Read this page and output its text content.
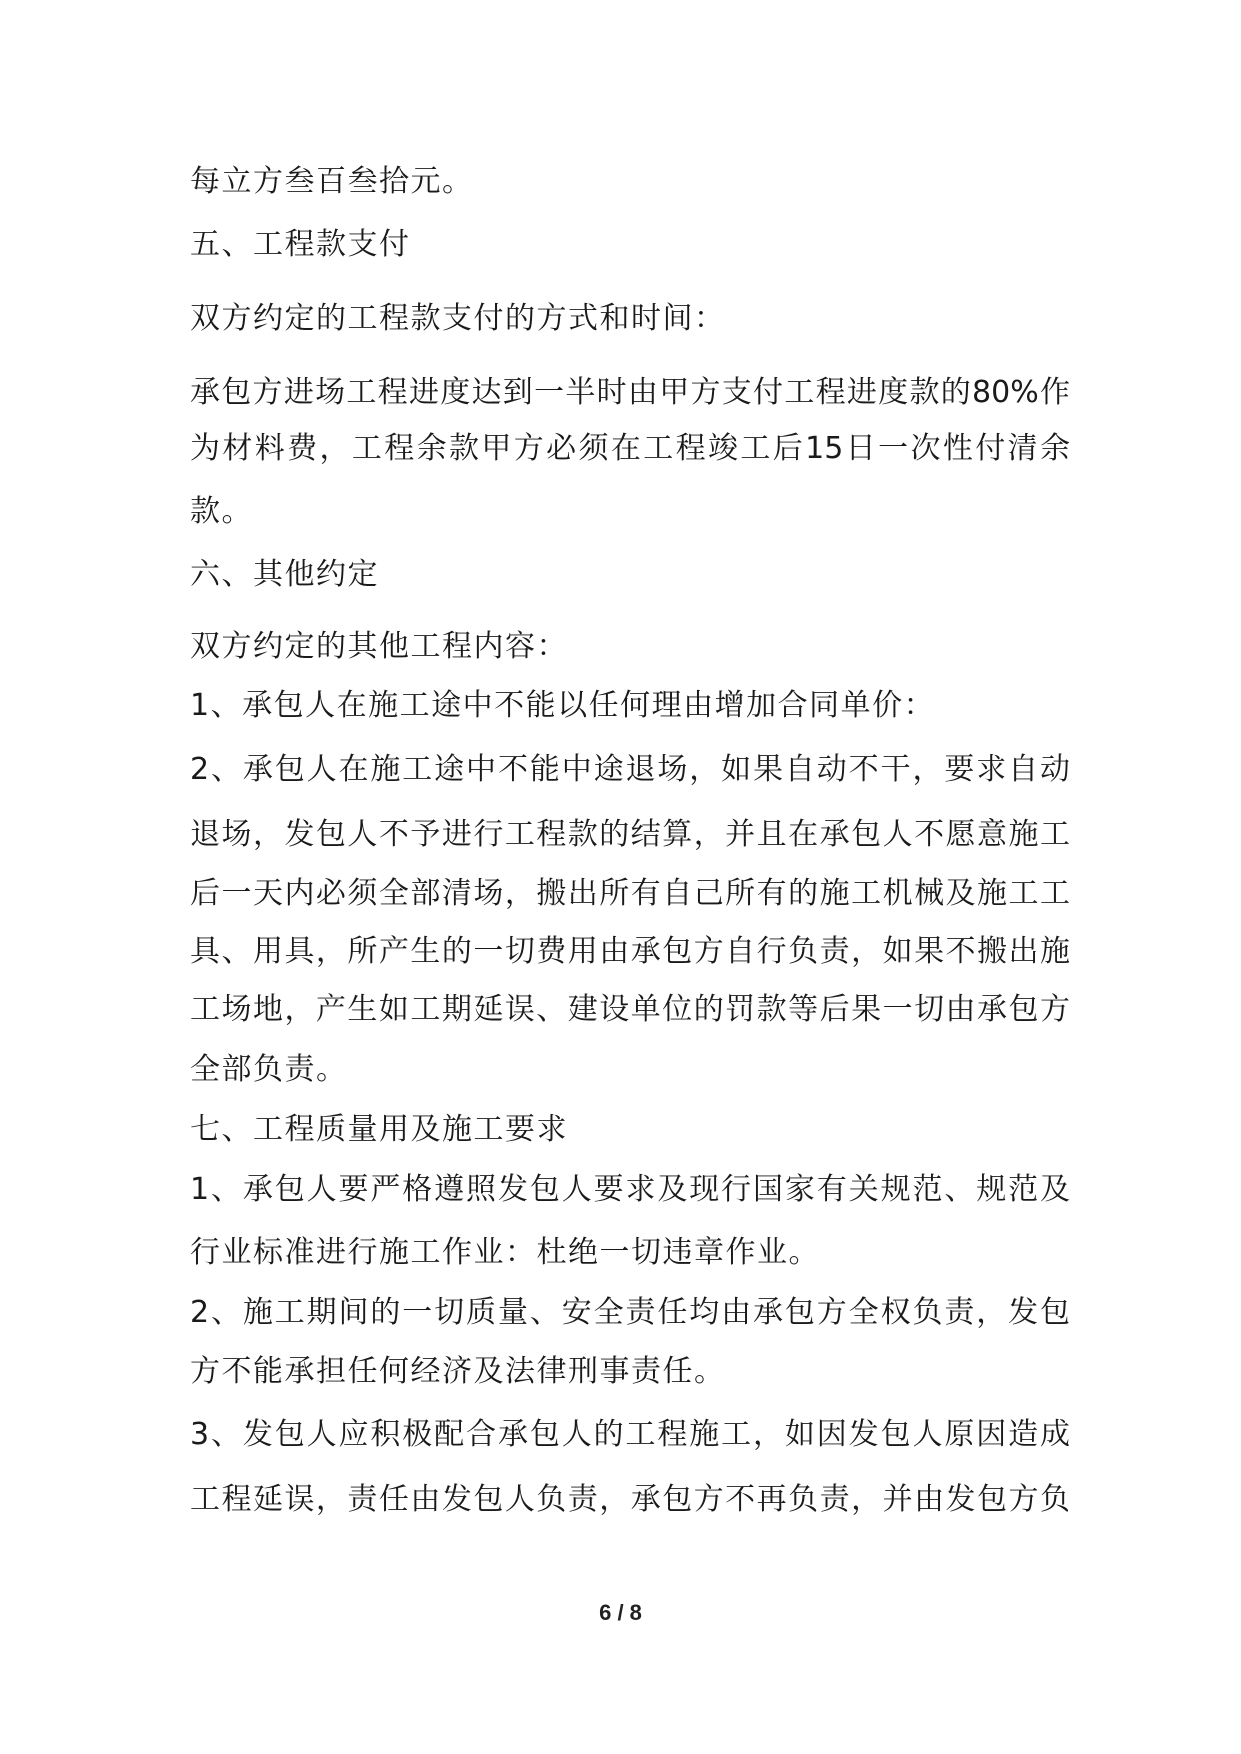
每立方叁百叁拾元。
五、工程款支付
双方约定的工程款支付的方式和时间：
承包方进场工程进度达到一半时由甲方支付工程进度款的80%作
为材料费，工程余款甲方必须在工程竣工后15日一次性付清余
款。
六、其他约定
双方约定的其他工程内容：
1、承包人在施工途中不能以任何理由增加合同单价：
2、承包人在施工途中不能中途退场，如果自动不干，要求自动
退场，发包人不予进行工程款的结算，并且在承包人不愿意施工
后一天内必须全部清场，搬出所有自己所有的施工机械及施工工
具、用具，所产生的一切费用由承包方自行负责，如果不搬出施
工场地，产生如工期延误、建设单位的罚款等后果一切由承包方
全部负责。
七、工程质量用及施工要求
1、承包人要严格遵照发包人要求及现行国家有关规范、规范及
行业标准进行施工作业：杜绝一切违章作业。
2、施工期间的一切质量、安全责任均由承包方全权负责，发包
方不能承担任何经济及法律刑事责任。
3、发包人应积极配合承包人的工程施工，如因发包人原因造成
工程延误，责任由发包人负责，承包方不再负责，并由发包方负
6 / 8
